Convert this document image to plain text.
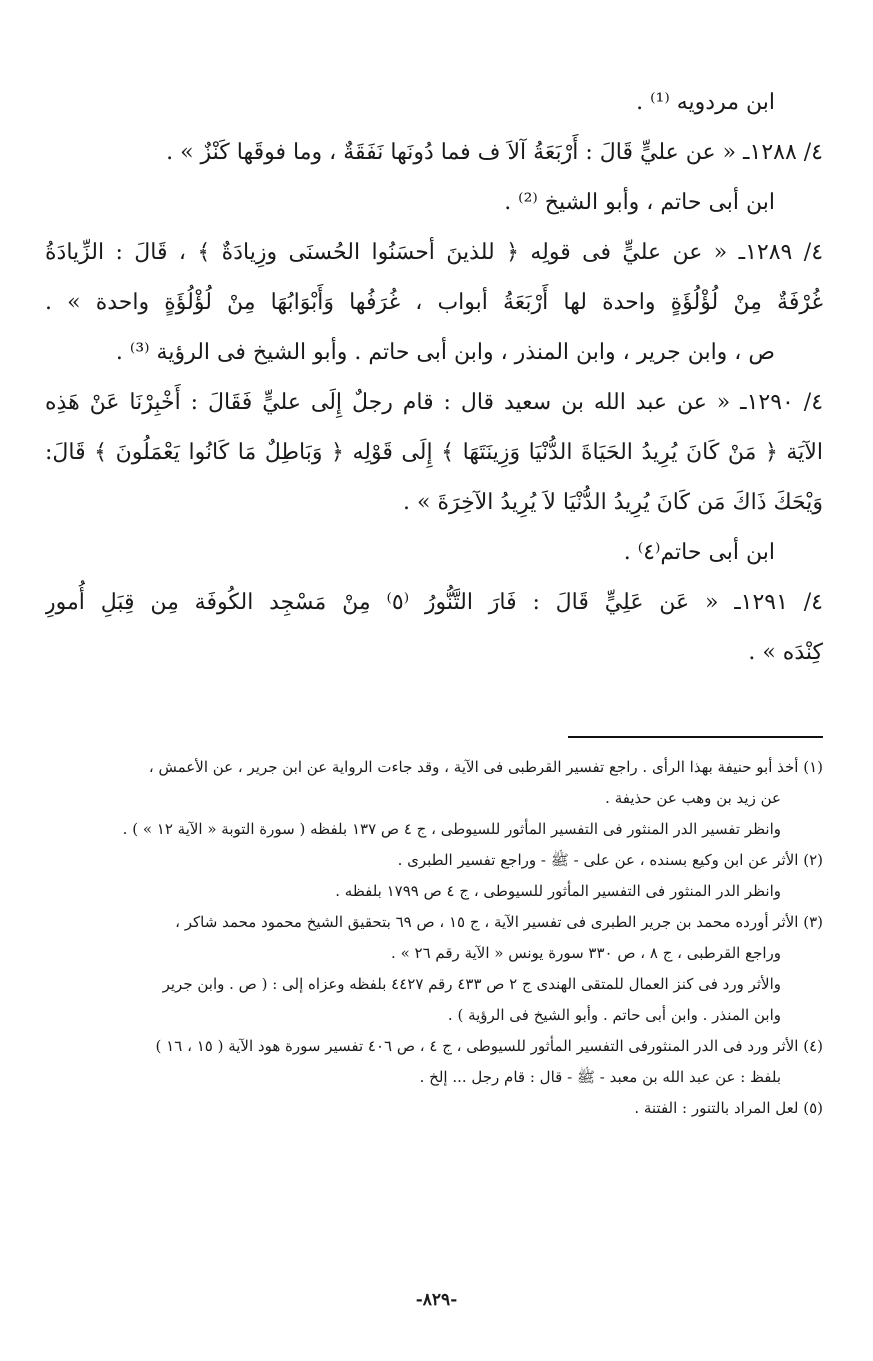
ابن مردويه ⁽¹⁾ .
٤/ ١٢٨٨ـ « عن عليٍّ قَالَ : أَرْبَعَةُ آلاَ ف فما دُونَها نَفَقَةٌ ، وما فوقَها كَنْزٌ » .
ابن أبى حاتم ، وأبو الشيخ ⁽²⁾ .
٤/ ١٢٨٩ـ « عن عليٍّ فى قولِه ﴿ للذينَ أحسَنُوا الحُسنَى وزِيادَةٌ ﴾ ، قَالَ : الزِّيادَةُ
غُرْفَةٌ مِنْ لُؤْلُؤَةٍ واحدة لها أَرْبَعَةُ أبواب ، غُرَفُها وَأَبْوَابُهَا مِنْ لُؤْلُؤَةٍ واحدة » .
ص ، وابن جرير ، وابن المنذر ، وابن أبى حاتم . وأبو الشيخ فى الرؤية ⁽³⁾ .
٤/ ١٢٩٠ـ « عن عبد الله بن سعيد قال : قام رجلٌ إِلَى عليٍّ فَقَالَ : أَخْبِرْنَا عَنْ هَذِه
الآيَة ﴿ مَنْ كَانَ يُرِيدُ الحَيَاةَ الدُّنْيَا وَزِينَتَهَا ﴾ إِلَى قَوْلِه ﴿ وَبَاطِلٌ مَا كَانُوا يَعْمَلُونَ ﴾ قَالَ:
وَيْحَكَ ذَاكَ مَن كَانَ يُرِيدُ الدُّنْيَا لاَ يُرِيدُ الآخِرَةَ » .
ابن أبى حاتم⁽٤⁾ .
٤/ ١٢٩١ـ « عَن عَلِيٍّ قَالَ : فَارَ التَّنُّورُ ⁽٥⁾ مِنْ مَسْجِد الكُوفَة مِن قِبَلِ أُمورِ
كِنْدَه » .
(١) أخذ أبو حنيفة بهذا الرأى . راجع تفسير القرطبى فى الآية ، وقد جاءت الرواية عن ابن جرير ، عن الأعمش ،
عن زيد بن وهب عن حذيفة .
وانظر تفسير الدر المنثور فى التفسير المأثور للسيوطى ، ج ٤ ص ١٣٧ بلفظه ( سورة التوبة « الآية ١٢ » ) .
(٢) الأثر عن ابن وكيع بسنده ، عن على - ﷺ - وراجع تفسير الطبرى .
وانظر الدر المنثور فى التفسير المأثور للسيوطى ، ج ٤ ص ١٧٩٩ بلفظه .
(٣) الأثر أورده محمد بن جرير الطبرى فى تفسير الآية ، ج ١٥ ، ص ٦٩ بتحقيق الشيخ محمود محمد شاكر ،
وراجع القرطبى ، ج ٨ ، ص ٣٣٠ سورة يونس « الآية رقم ٢٦ » .
والأثر ورد فى كنز العمال للمتقى الهندى ج ٢ ص ٤٣٣ رقم ٤٤٢٧ بلفظه وعزاه إلى : ( ص . وابن جرير
وابن المنذر . وابن أبى حاتم . وأبو الشيخ فى الرؤية ) .
(٤) الأثر ورد فى الدر المنثورفى التفسير المأثور للسيوطى ، ج ٤ ، ص ٤٠٦ تفسير سورة هود الآية ( ١٥ ، ١٦ )
بلفظ : عن عبد الله بن معبد - ﷺ - قال : قام رجل ... إلخ .
(٥) لعل المراد بالتنور : الفتنة .
-٨٢٩-
